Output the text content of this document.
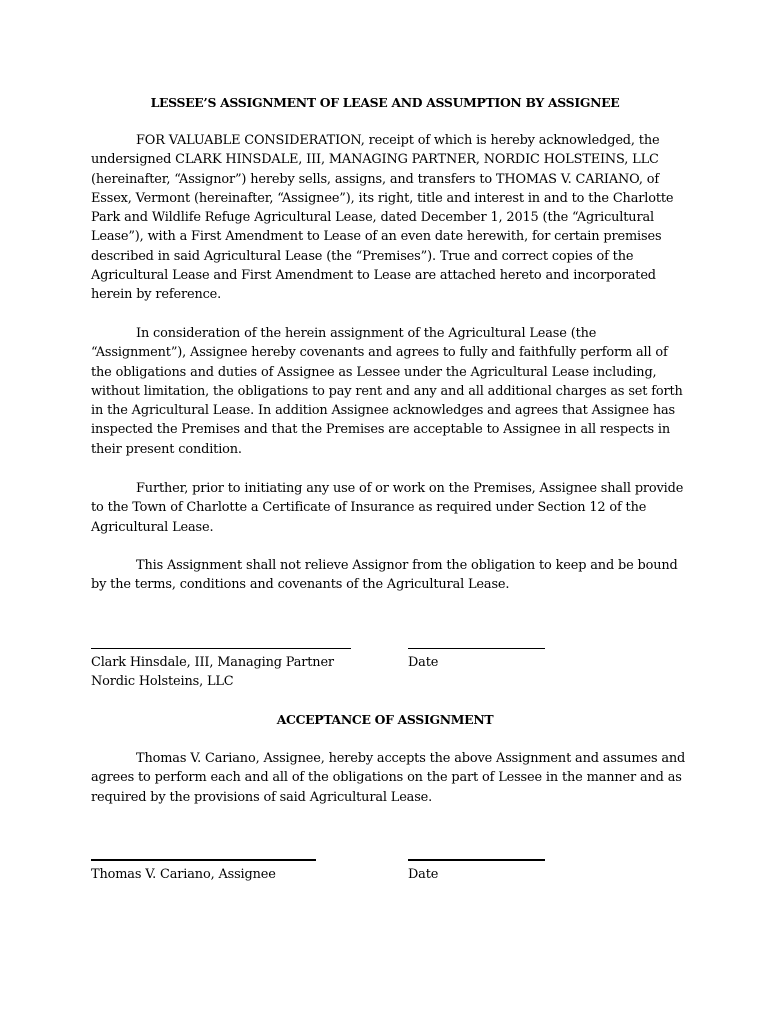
LESSEE’S ASSIGNMENT OF LEASE AND ASSUMPTION BY ASSIGNEE
FOR VALUABLE CONSIDERATION, receipt of which is hereby acknowledged, the undersigned CLARK HINSDALE, III, MANAGING PARTNER, NORDIC HOLSTEINS, LLC (hereinafter, “Assignor”) hereby sells, assigns, and transfers to THOMAS V. CARIANO, of Essex, Vermont (hereinafter, “Assignee”), its right, title and interest in and to the Charlotte Park and Wildlife Refuge Agricultural Lease, dated December 1, 2015 (the “Agricultural Lease”), with a First Amendment to Lease of an even date herewith, for certain premises described in said Agricultural Lease (the “Premises”). True and correct copies of the Agricultural Lease and First Amendment to Lease are attached hereto and incorporated herein by reference.
In consideration of the herein assignment of the Agricultural Lease (the “Assignment”), Assignee hereby covenants and agrees to fully and faithfully perform all of the obligations and duties of Assignee as Lessee under the Agricultural Lease including, without limitation, the obligations to pay rent and any and all additional charges as set forth in the Agricultural Lease. In addition Assignee acknowledges and agrees that Assignee has inspected the Premises and that the Premises are acceptable to Assignee in all respects in their present condition.
Further, prior to initiating any use of or work on the Premises, Assignee shall provide to the Town of Charlotte a Certificate of Insurance as required under Section 12 of the Agricultural Lease.
This Assignment shall not relieve Assignor from the obligation to keep and be bound by the terms, conditions and covenants of the Agricultural Lease.
Clark Hinsdale, III, Managing Partner	Date
Nordic Holsteins, LLC
ACCEPTANCE OF ASSIGNMENT
Thomas V. Cariano, Assignee, hereby accepts the above Assignment and assumes and agrees to perform each and all of the obligations on the part of Lessee in the manner and as required by the provisions of said Agricultural Lease.
Thomas V. Cariano, Assignee	Date
